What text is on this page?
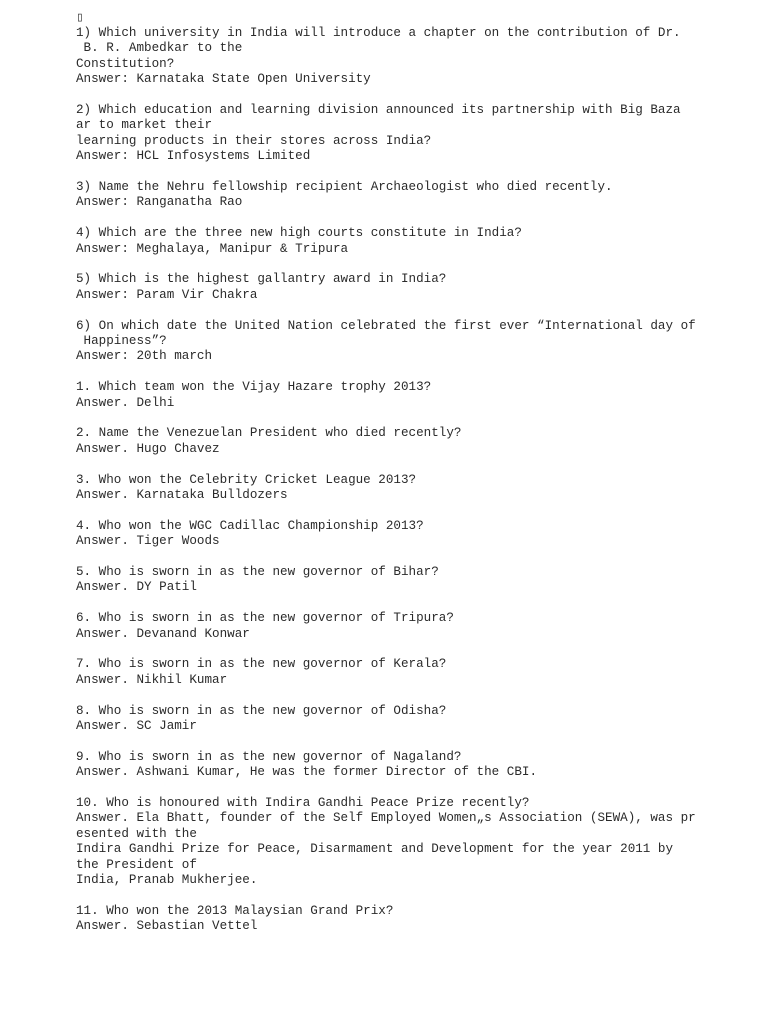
▯
1) Which university in India will introduce a chapter on the contribution of Dr.
B. R. Ambedkar to the
Constitution?
Answer: Karnataka State Open University
2) Which education and learning division announced its partnership with Big Baza
ar to market their
learning products in their stores across India?
Answer: HCL Infosystems Limited
3) Name the Nehru fellowship recipient Archaeologist who died recently.
Answer: Ranganatha Rao
4) Which are the three new high courts constitute in India?
Answer: Meghalaya, Manipur & Tripura
5) Which is the highest gallantry award in India?
Answer: Param Vir Chakra
6) On which date the United Nation celebrated the first ever “International day of
Happiness”?
Answer: 20th march
1. Which team won the Vijay Hazare trophy 2013?
Answer. Delhi
2. Name the Venezuelan President who died recently?
Answer. Hugo Chavez
3. Who won the Celebrity Cricket League 2013?
Answer. Karnataka Bulldozers
4. Who won the WGC Cadillac Championship 2013?
Answer. Tiger Woods
5. Who is sworn in as the new governor of Bihar?
Answer. DY Patil
6. Who is sworn in as the new governor of Tripura?
Answer. Devanand Konwar
7. Who is sworn in as the new governor of Kerala?
Answer. Nikhil Kumar
8. Who is sworn in as the new governor of Odisha?
Answer. SC Jamir
9. Who is sworn in as the new governor of Nagaland?
Answer. Ashwani Kumar, He was the former Director of the CBI.
10. Who is honoured with Indira Gandhi Peace Prize recently?
Answer. Ela Bhatt, founder of the Self Employed Women„s Association (SEWA), was pr
esented with the
Indira Gandhi Prize for Peace, Disarmament and Development for the year 2011 by
the President of
India, Pranab Mukherjee.
11. Who won the 2013 Malaysian Grand Prix?
Answer. Sebastian Vettel
